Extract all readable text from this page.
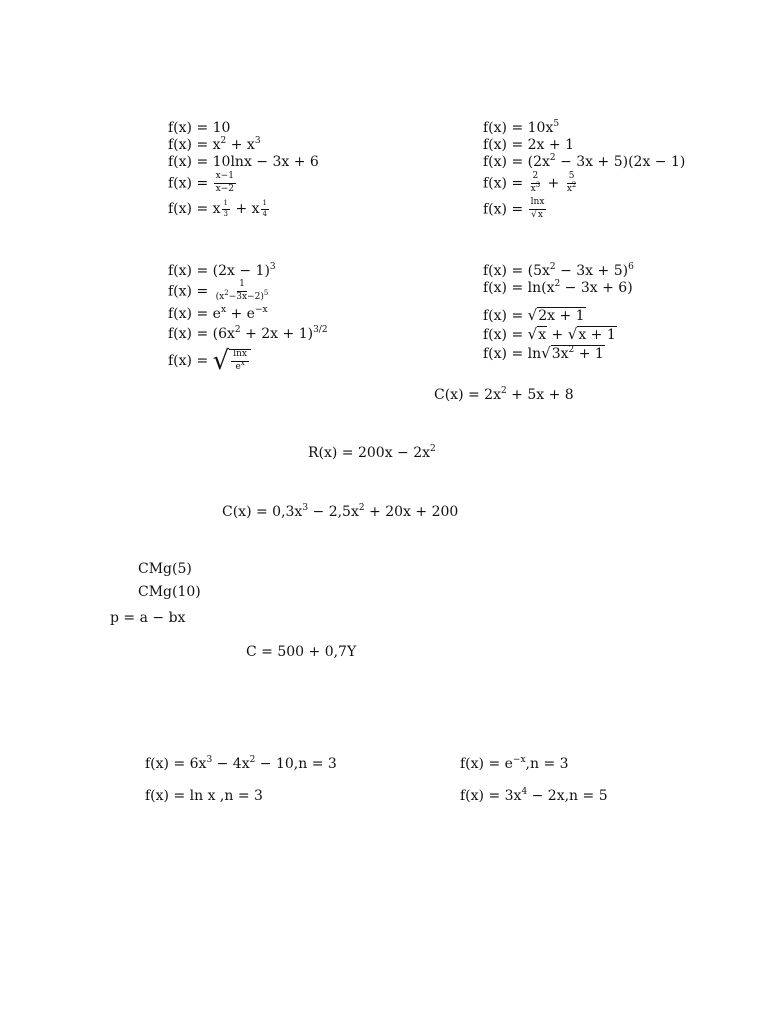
f(x) = 10
$f(x) = x^2 + x^3$
f(x) = 10lnx − 3x + 6
$f(x) = \frac{x-1}{x-2}$
f(x) = x $\frac{1}{3} + x \frac{1}{4}$
$f(x) = 10x^5$
f(x) = 2x + 1
$f(x) = (2x^2 - 3x + 5)(2x - 1)$
$f(x) = \frac{2}{x^3} + \frac{5}{x^2}$
$f(x) = \frac{\ln x}{√x}$
$f(x) = (2x - 1)^3$
$f(x) = \frac{1}{(x^2-3x-2)^5}$
$f(x) = e^x + e^{-x}$
$f(x) = (6x^2 + 2x + 1)^{3/2}$
f(x) = √ $\frac{\ln x}{e^x}$
$f(x) = (5x^2 - 3x + 5)^6$
$f(x) = \ln(x^2 - 3x + 6)$
f(x) = √2x + 1
f(x) = √x + √x + 1
$f(x) = \ln√3x^2 + 1$
$C(x) = 2x^2 + 5x + 8$
$R(x) = 200x - 2x^2$
$C(x) = 0,3x^3 - 2,5x^2 + 20x + 200$
CMg(5)
CMg(10)
p = a − bx
C = 500 + 0,7Y
$f(x) = 6x^3 - 4x^2 - 10,n = 3$	$f(x) = e^{-x},n = 3$
f(x) = ln x ,n = 3	$f(x) = 3x^4 - 2x,n = 5$
